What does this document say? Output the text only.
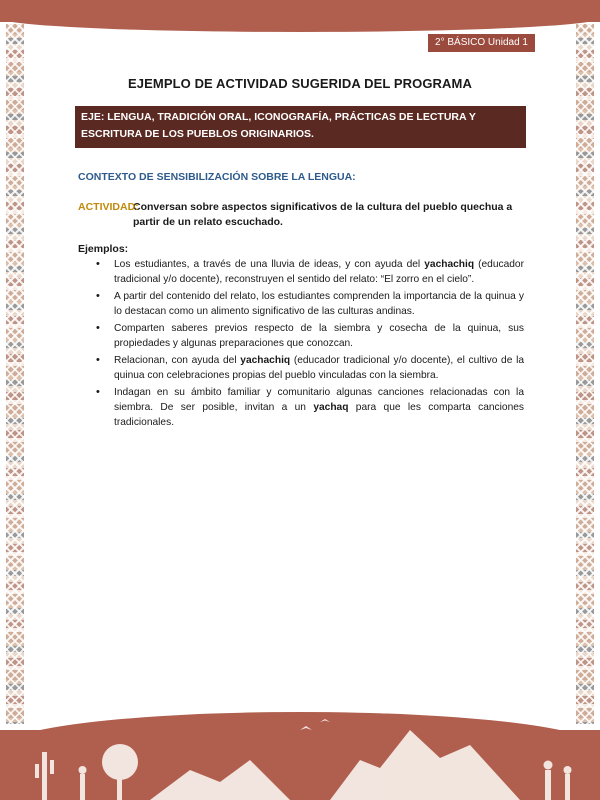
2° BÁSICO Unidad 1
EJEMPLO DE ACTIVIDAD SUGERIDA DEL PROGRAMA
EJE: LENGUA, TRADICIÓN ORAL, ICONOGRAFÍA, PRÁCTICAS DE LECTURA Y ESCRITURA DE LOS PUEBLOS ORIGINARIOS.
CONTEXTO DE SENSIBILIZACIÓN SOBRE LA LENGUA:
ACTIVIDAD:
Conversan sobre aspectos significativos de la cultura del pueblo quechua a partir de un relato escuchado.
Ejemplos:
• Los estudiantes, a través de una lluvia de ideas, y con ayuda del yachachiq (educador tradicional y/o docente), reconstruyen el sentido del relato: “El zorro en el cielo”.
• A partir del contenido del relato, los estudiantes comprenden la importancia de la quinua y lo destacan como un alimento significativo de las culturas andinas.
• Comparten saberes previos respecto de la siembra y cosecha de la quinua, sus propiedades y algunas preparaciones que conozcan.
• Relacionan, con ayuda del yachachiq (educador tradicional y/o docente), el cultivo de la quinua con celebraciones propias del pueblo vinculadas con la siembra.
• Indagan en su ámbito familiar y comunitario algunas canciones relacionadas con la siembra. De ser posible, invitan a un yachaq para que les comparta canciones tradicionales.
